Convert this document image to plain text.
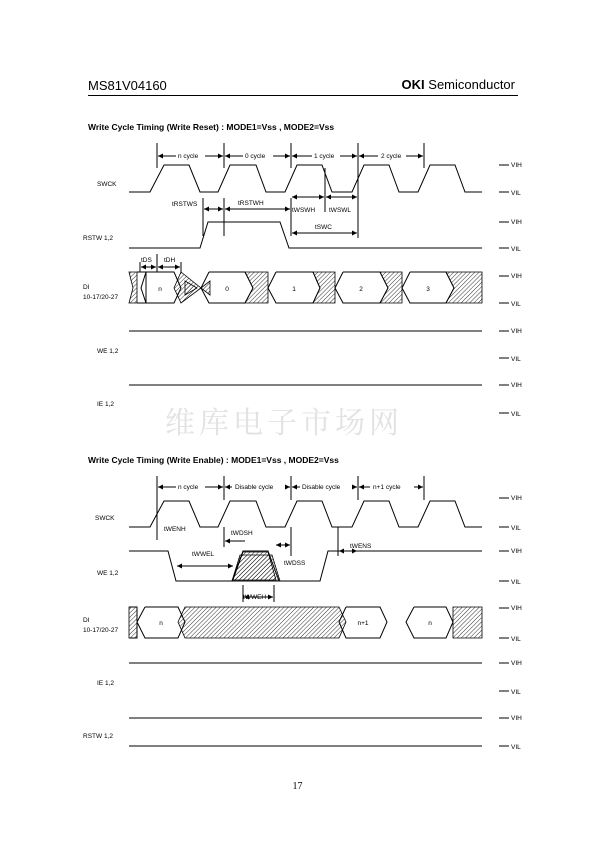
MS81V04160	OKI Semiconductor
Write Cycle Timing (Write Reset) : MODE1=Vss , MODE2=Vss
Write Cycle Timing (Write Enable) : MODE1=Vss , MODE2=Vss
维库电子市场网
17
SWCK
RSTW 1,2
DI
10-17/20-27
WE 1,2
IE 1,2
n cycle	0 cycle	1 cycle	2 cycle
tRSTWS	tRSTWH
tWSWH tWSWL
tSWC
tDS tDH
n	0	1	2	3
SWCK
WE 1,2
DI
10-17/20-27
IE 1,2
RSTW 1,2
n cycle	Disable cycle	Disable cycle	n+1 cycle
tWENH
tWDSH
tWWEL
tWDSS
tWENS
tWWEH
n	n+1	n
VIH
VIL
VIH
VIL
VIH
VIL
VIH
VIL
VIH
VIL
VIH
VIL
VIH
VIL
VIH
VIL
VIH
VIL
VIH
VIL
